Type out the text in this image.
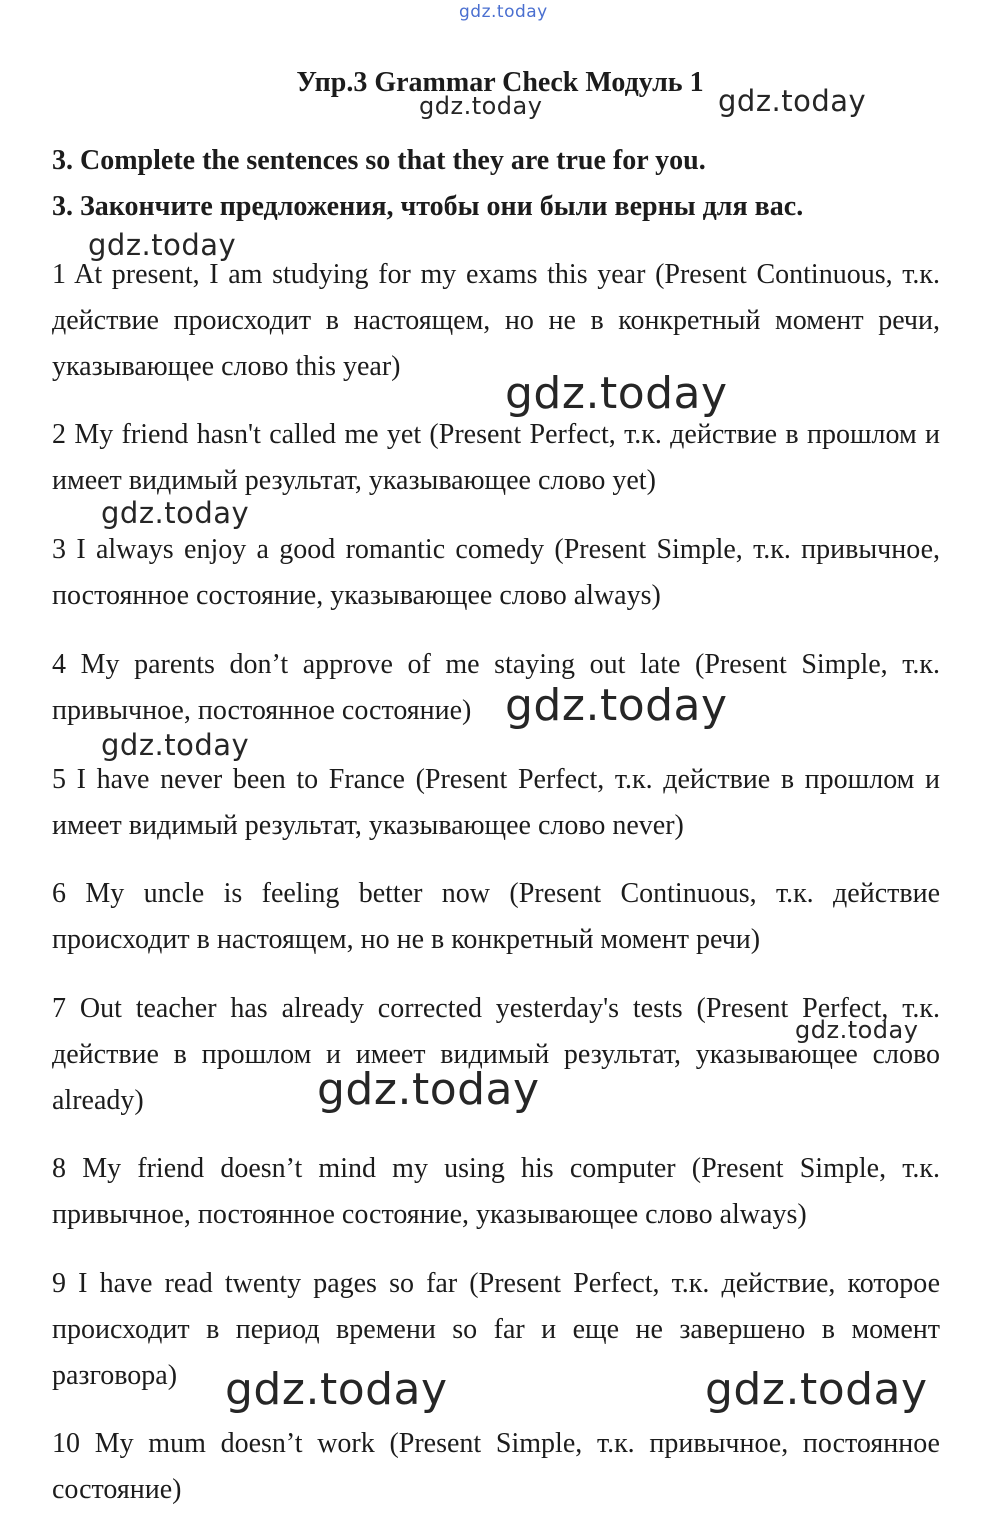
gdz.today
Упр.3 Grammar Check Модуль 1
3. Complete the sentences so that they are true for you.
3. Закончите предложения, чтобы они были верны для вас.
1 At present, I am studying for my exams this year (Present Continuous, т.к. действие происходит в настоящем, но не в конкретный момент речи, указывающее слово this year)
2 My friend hasn't called me yet (Present Perfect, т.к. действие в прошлом и имеет видимый результат, указывающее слово yet)
3 I always enjoy a good romantic comedy (Present Simple, т.к. привычное, постоянное состояние, указывающее слово always)
4 My parents don’t approve of me staying out late (Present Simple, т.к. привычное, постоянное состояние)
5 I have never been to France (Present Perfect, т.к. действие в прошлом и имеет видимый результат, указывающее слово never)
6 My uncle is feeling better now (Present Continuous, т.к. действие происходит в настоящем, но не в конкретный момент речи)
7 Out teacher has already corrected yesterday's tests (Present Perfect, т.к. действие в прошлом и имеет видимый результат, указывающее слово already)
8 My friend doesn’t mind my using his computer (Present Simple, т.к. привычное, постоянное состояние, указывающее слово always)
9 I have read twenty pages so far (Present Perfect, т.к. действие, которое происходит в период времени so far и еще не завершено в момент разговора)
10 My mum doesn’t work (Present Simple, т.к. привычное, постоянное состояние)
gdz.today	gdz.today
gdz.today
gdz.today
gdz.today
gdz.today
gdz.today
gdz.today
gdz.today
gdz.today	gdz.today
